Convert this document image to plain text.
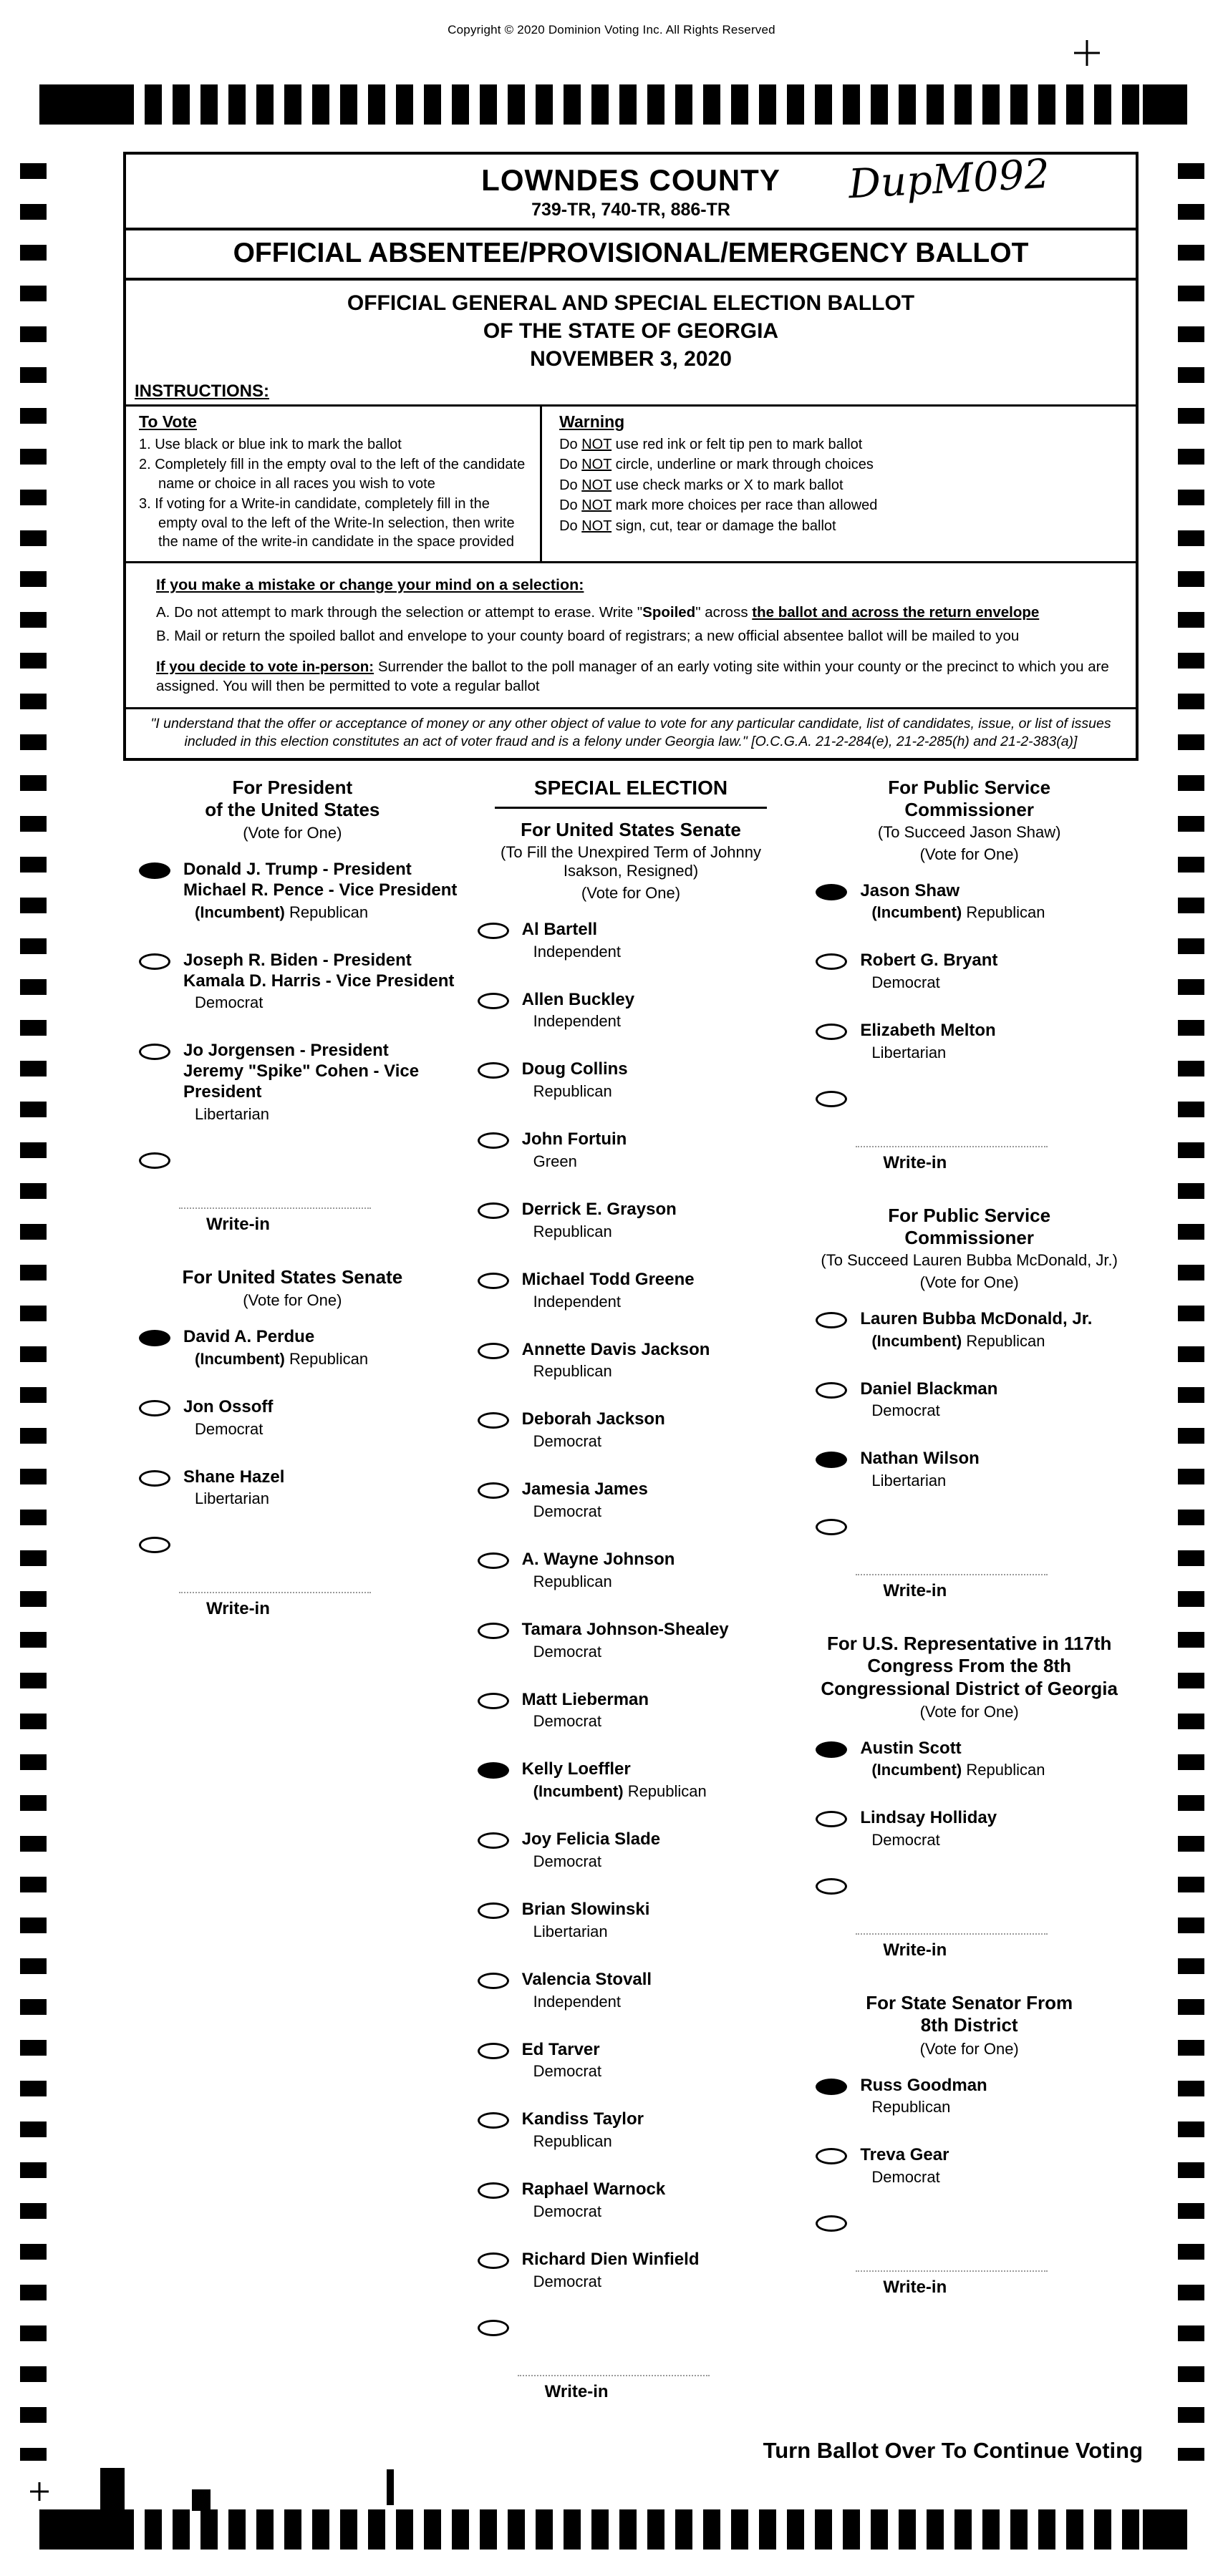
Copyright © 2020 Dominion Voting Inc. All Rights Reserved
LOWNDES COUNTY
739-TR, 740-TR, 886-TR
DupM092
OFFICIAL ABSENTEE/PROVISIONAL/EMERGENCY BALLOT
OFFICIAL GENERAL AND SPECIAL ELECTION BALLOT
OF THE STATE OF GEORGIA
NOVEMBER 3, 2020
INSTRUCTIONS:
To Vote
1. Use black or blue ink to mark the ballot
2. Completely fill in the empty oval to the left of the candidate name or choice in all races you wish to vote
3. If voting for a Write-in candidate, completely fill in the empty oval to the left of the Write-In selection, then write the name of the write-in candidate in the space provided
Warning
Do NOT use red ink or felt tip pen to mark ballot
Do NOT circle, underline or mark through choices
Do NOT use check marks or X to mark ballot
Do NOT mark more choices per race than allowed
Do NOT sign, cut, tear or damage the ballot
If you make a mistake or change your mind on a selection:
A. Do not attempt to mark through the selection or attempt to erase. Write "Spoiled" across the ballot and across the return envelope
B. Mail or return the spoiled ballot and envelope to your county board of registrars; a new official absentee ballot will be mailed to you
If you decide to vote in-person: Surrender the ballot to the poll manager of an early voting site within your county or the precinct to which you are assigned. You will then be permitted to vote a regular ballot
"I understand that the offer or acceptance of money or any other object of value to vote for any particular candidate, list of candidates, issue, or list of issues included in this election constitutes an act of voter fraud and is a felony under Georgia law." [O.C.G.A. 21-2-284(e), 21-2-285(h) and 21-2-383(a)]
For President
of the United States
(Vote for One)
Donald J. Trump - President
Michael R. Pence - Vice President
(Incumbent) Republican
Joseph R. Biden - President
Kamala D. Harris - Vice President
Democrat
Jo Jorgensen - President
Jeremy "Spike" Cohen - Vice President
Libertarian
Write-in
For United States Senate
(Vote for One)
David A. Perdue
(Incumbent) Republican
Jon Ossoff
Democrat
Shane Hazel
Libertarian
Write-in
SPECIAL ELECTION
For United States Senate
(To Fill the Unexpired Term of Johnny
Isakson, Resigned)
(Vote for One)
Al Bartell
Independent
Allen Buckley
Independent
Doug Collins
Republican
John Fortuin
Green
Derrick E. Grayson
Republican
Michael Todd Greene
Independent
Annette Davis Jackson
Republican
Deborah Jackson
Democrat
Jamesia James
Democrat
A. Wayne Johnson
Republican
Tamara Johnson-Shealey
Democrat
Matt Lieberman
Democrat
Kelly Loeffler
(Incumbent) Republican
Joy Felicia Slade
Democrat
Brian Slowinski
Libertarian
Valencia Stovall
Independent
Ed Tarver
Democrat
Kandiss Taylor
Republican
Raphael Warnock
Democrat
Richard Dien Winfield
Democrat
Write-in
For Public Service
Commissioner
(To Succeed Jason Shaw)
(Vote for One)
Jason Shaw
(Incumbent) Republican
Robert G. Bryant
Democrat
Elizabeth Melton
Libertarian
Write-in
For Public Service
Commissioner
(To Succeed Lauren Bubba McDonald, Jr.)
(Vote for One)
Lauren Bubba McDonald, Jr.
(Incumbent) Republican
Daniel Blackman
Democrat
Nathan Wilson
Libertarian
Write-in
For U.S. Representative in 117th
Congress From the 8th
Congressional District of Georgia
(Vote for One)
Austin Scott
(Incumbent) Republican
Lindsay Holliday
Democrat
Write-in
For State Senator From
8th District
(Vote for One)
Russ Goodman
Republican
Treva Gear
Democrat
Write-in
Turn Ballot Over To Continue Voting
